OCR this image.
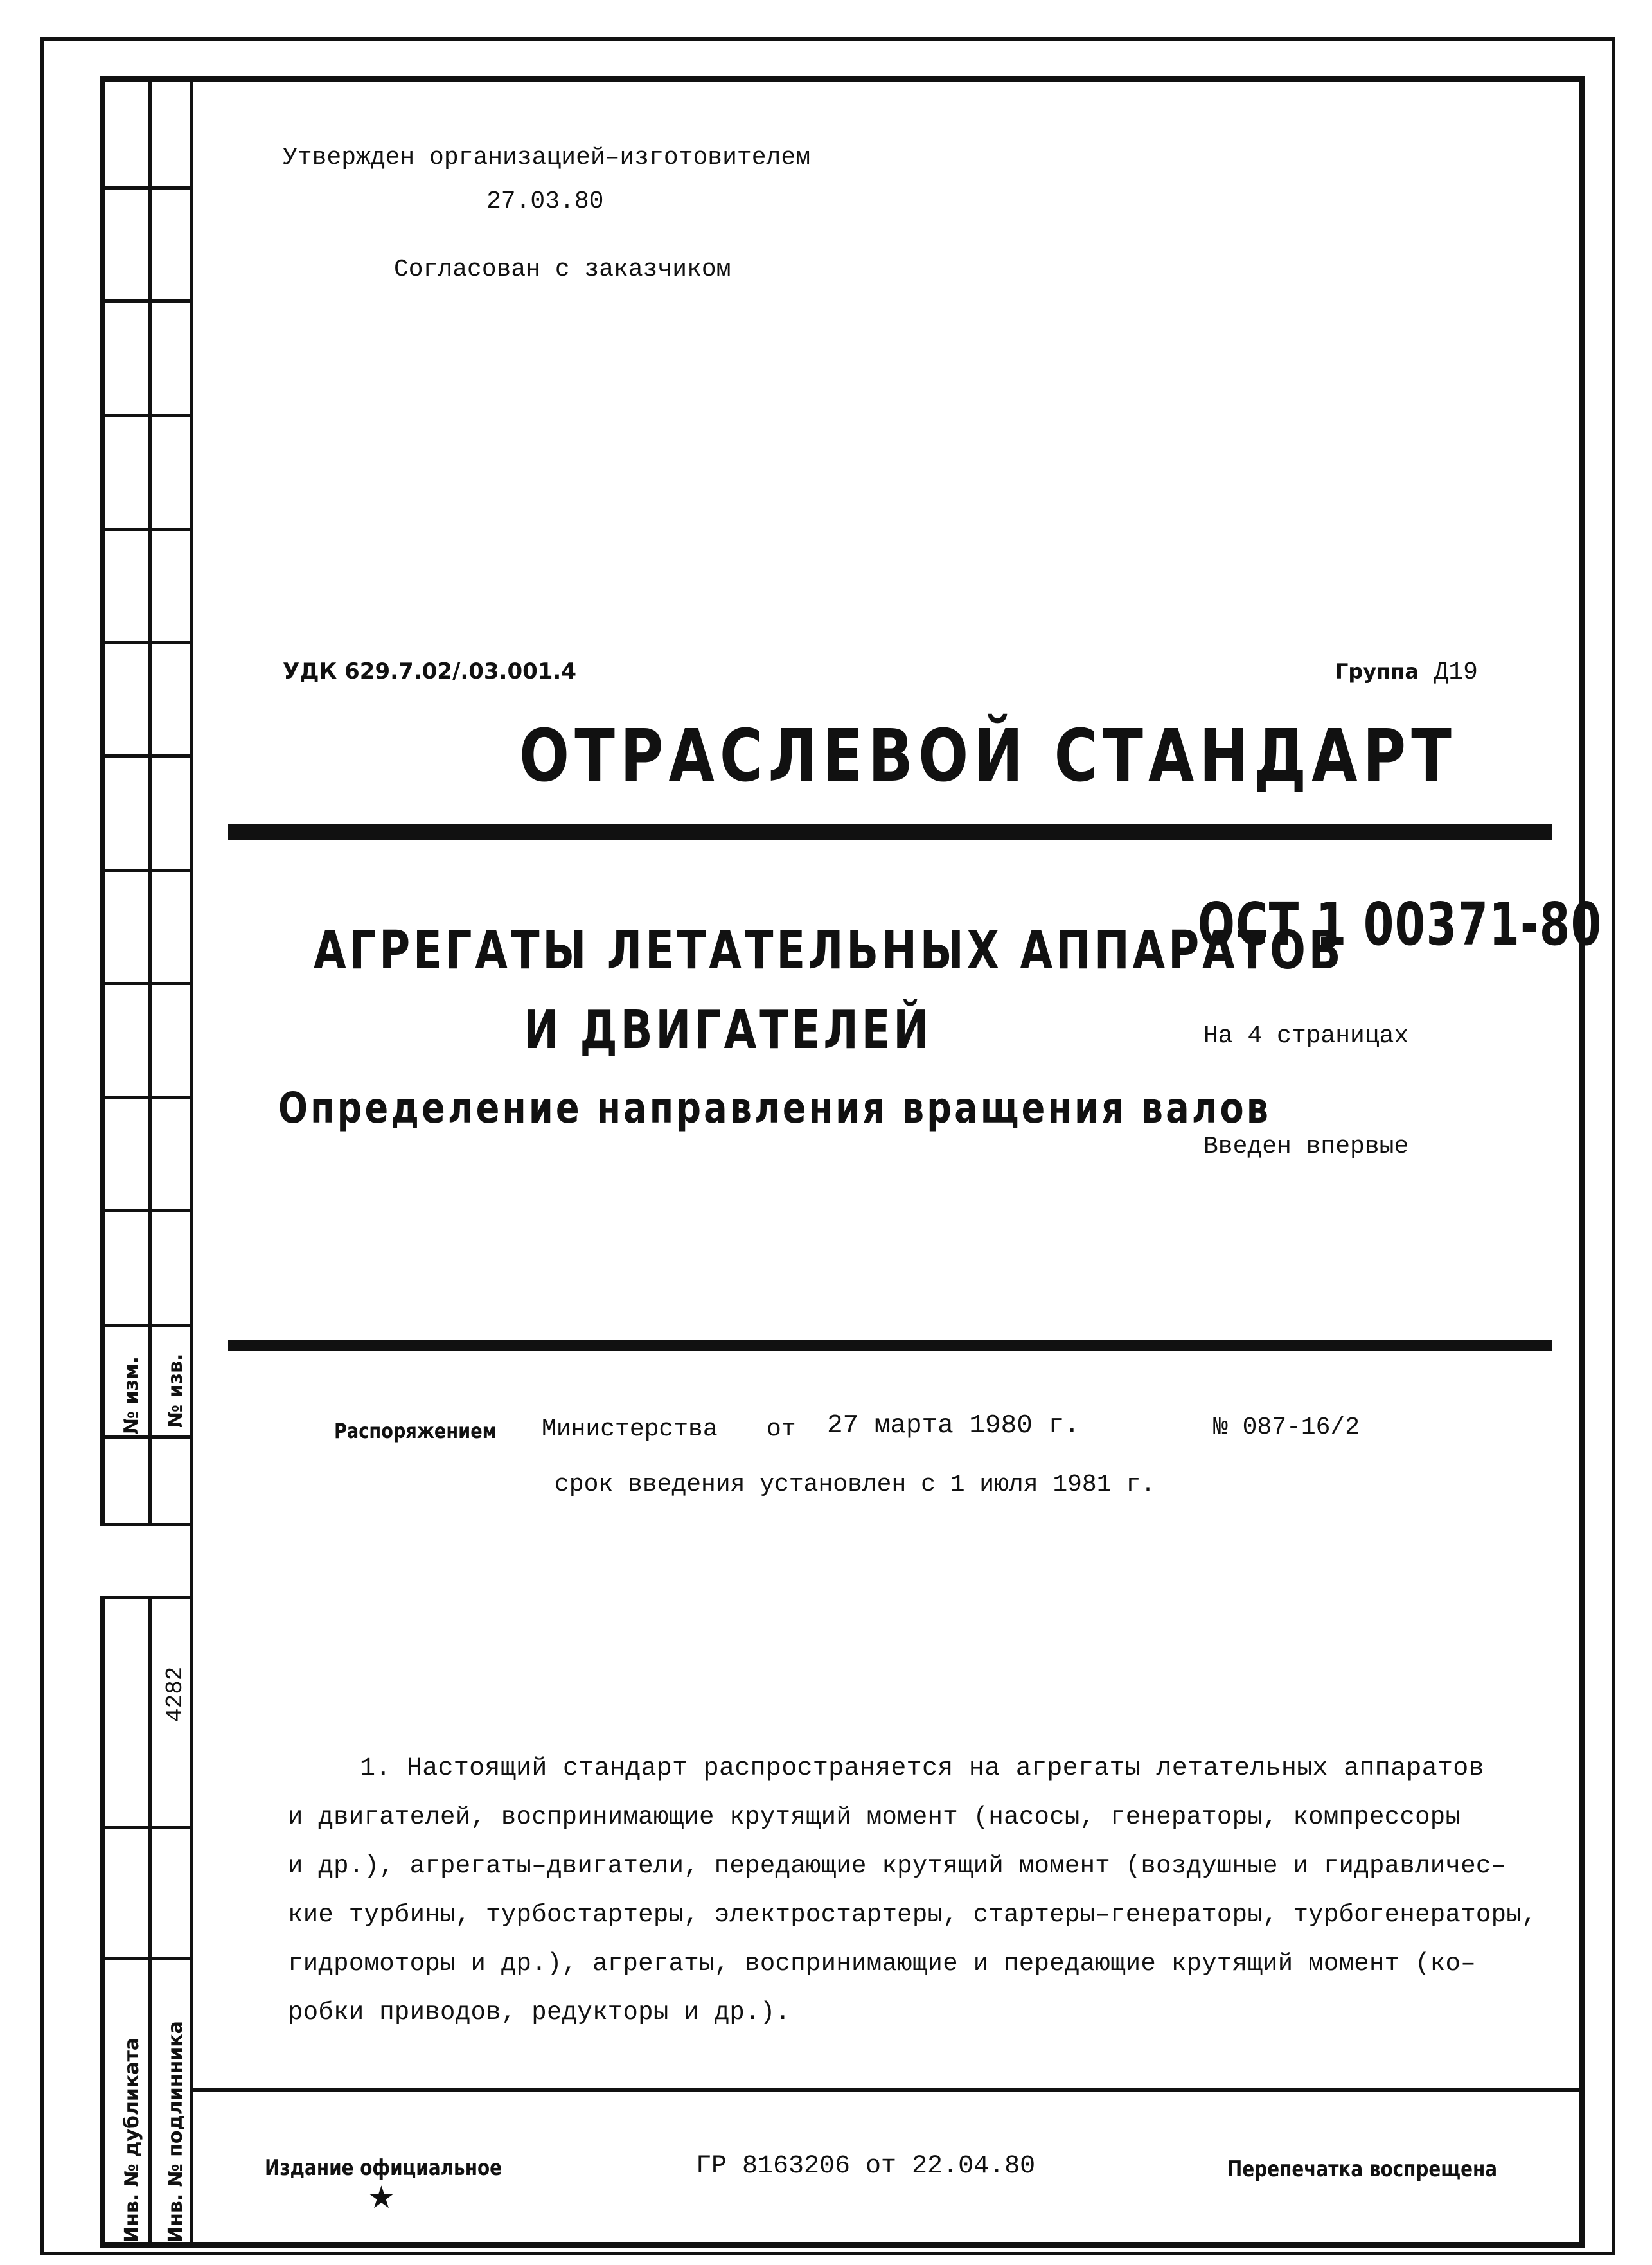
№ изм. № изв.
4282
Инв. № дубликата Инв. № подлинника
Утвержден организацией–изготовителем
27.03.80
Согласован с заказчиком
УДК 629.7.02/.03.001.4	Группа Д19
ОТРАСЛЕВОЙ СТАНДАРТ
АГРЕГАТЫ ЛЕТАТЕЛЬНЫХ АППАРАТОВ
И ДВИГАТЕЛЕЙ
Определение направления вращения валов
ОСТ 1 00371-80
На 4 страницах
Введен впервые
Распоряжением Министерства от 27 марта 1980 г.	№ 087-16/2
срок введения установлен с 1 июля 1981 г.
1. Настоящий стандарт распространяется на агрегаты летательных аппаратов
и двигателей, воспринимающие крутящий момент (насосы, генераторы, компрессоры
и др.), агрегаты–двигатели, передающие крутящий момент (воздушные и гидравличес–
кие турбины, турбостартеры, электростартеры, стартеры–генераторы, турбогенераторы,
гидромоторы и др.), агрегаты, воспринимающие и передающие крутящий момент (ко–
робки приводов, редукторы и др.).
Издание официальное
★
ГР 8163206 от 22.04.80	Перепечатка воспрещена
